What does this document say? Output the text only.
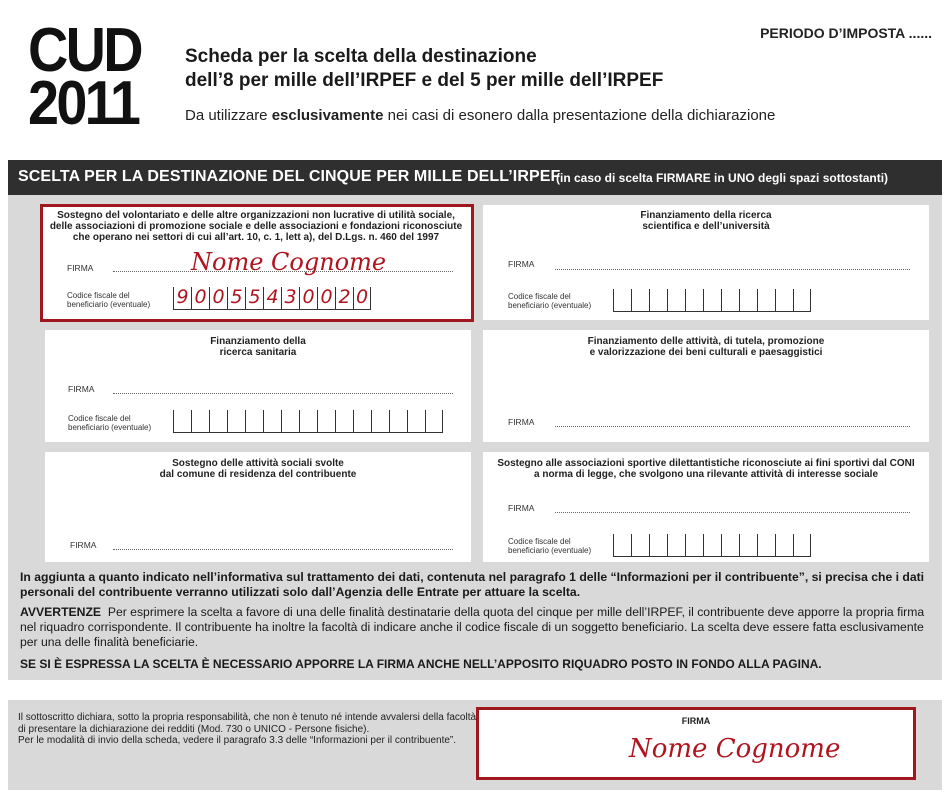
CUD
2011
PERIODO D’IMPOSTA ......
Scheda per la scelta della destinazione
dell’8 per mille dell’IRPEF e del 5 per mille dell’IRPEF
Da utilizzare esclusivamente nei casi di esonero dalla presentazione della dichiarazione
SCELTA PER LA DESTINAZIONE DEL CINQUE PER MILLE DELL’IRPEF
(in caso di scelta FIRMARE in UNO degli spazi sottostanti)
Sostegno del volontariato e delle altre organizzazioni non lucrative di utilità sociale,
delle associazioni di promozione sociale e delle associazioni e fondazioni riconosciute
che operano nei settori di cui all’art. 10, c. 1, lett a), del D.Lgs. n. 460 del 1997
FIRMA	Nome Cognome
Codice fiscale del
beneficiario (eventuale) 9 0 0 5 5 4 3 0 0 2 0
Finanziamento della ricerca
scientifica e dell’università
FIRMA
Codice fiscale del
beneficiario (eventuale)
Finanziamento della
ricerca sanitaria
FIRMA
Codice fiscale del
beneficiario (eventuale)
Finanziamento delle attività, di tutela, promozione
e valorizzazione dei beni culturali e paesaggistici
FIRMA
Sostegno delle attività sociali svolte
dal comune di residenza del contribuente
FIRMA
Sostegno alle associazioni sportive dilettantistiche riconosciute ai fini sportivi dal CONI
a norma di legge, che svolgono una rilevante attività di interesse sociale
FIRMA
Codice fiscale del
beneficiario (eventuale)
In aggiunta a quanto indicato nell’informativa sul trattamento dei dati, contenuta nel paragrafo 1 delle “Informazioni per il contribuente”, si precisa che i dati personali del contribuente verranno utilizzati solo dall’Agenzia delle Entrate per attuare la scelta.
AVVERTENZE Per esprimere la scelta a favore di una delle finalità destinatarie della quota del cinque per mille dell’IRPEF, il contribuente deve apporre la propria firma nel riquadro corrispondente. Il contribuente ha inoltre la facoltà di indicare anche il codice fiscale di un soggetto beneficiario. La scelta deve essere fatta esclusivamente per una delle finalità beneficiarie.
SE SI È ESPRESSA LA SCELTA È NECESSARIO APPORRE LA FIRMA ANCHE NELL’APPOSITO RIQUADRO POSTO IN FONDO ALLA PAGINA.

Il sottoscritto dichiara, sotto la propria responsabilità, che non è tenuto né intende avvalersi della facoltà di presentare la dichiarazione dei redditi (Mod. 730 o UNICO - Persone fisiche).

Per le modalità di invio della scheda, vedere il paragrafo 3.3 delle “Informazioni per il contribuente”.

FIRMA
Nome Cognome
